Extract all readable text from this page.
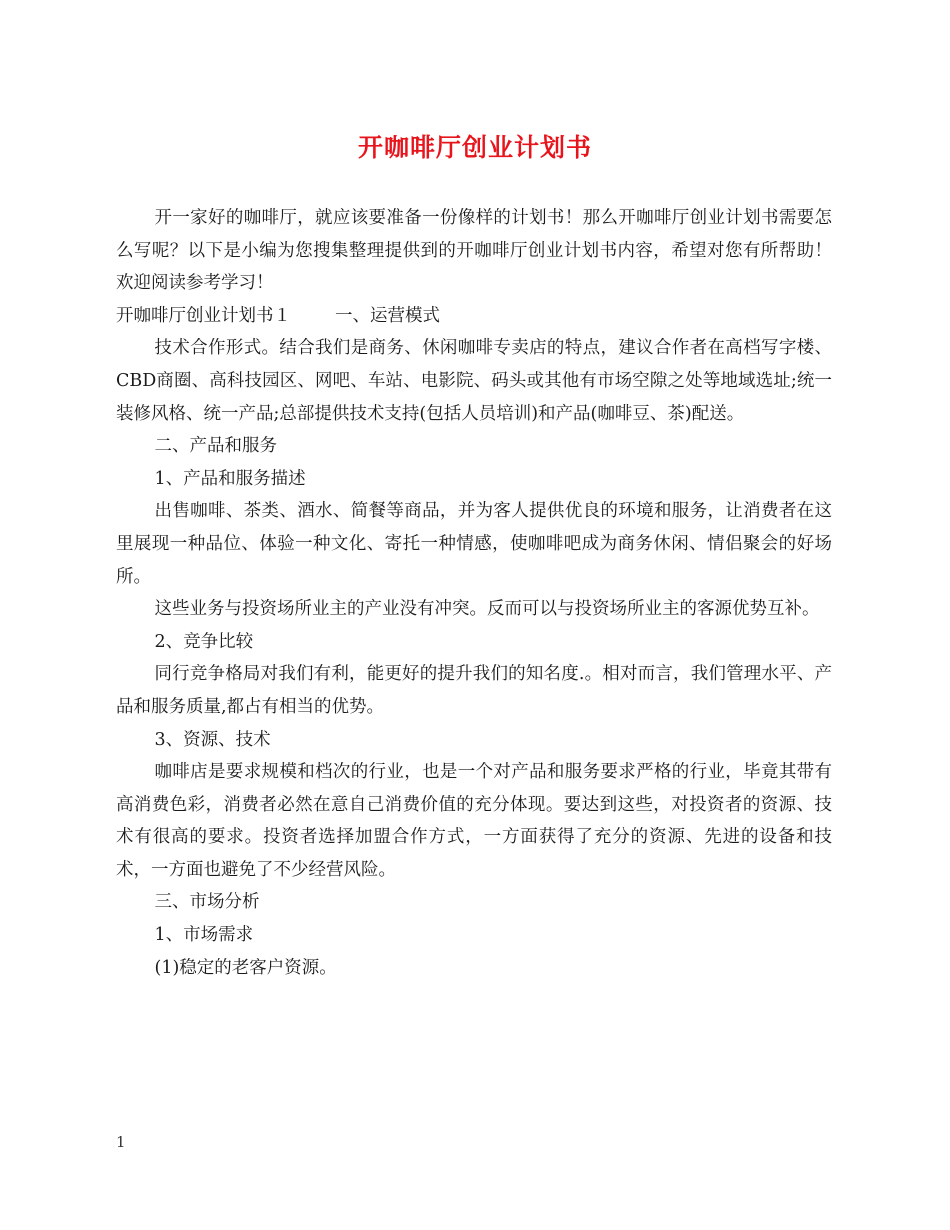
开咖啡厅创业计划书

开一家好的咖啡厅，就应该要准备一份像样的计划书！那么开咖啡厅创业计划书需要怎么写呢？以下是小编为您搜集整理提供到的开咖啡厅创业计划书内容，希望对您有所帮助！欢迎阅读参考学习！

开咖啡厅创业计划书１	一、运营模式

技术合作形式。结合我们是商务、休闲咖啡专卖店的特点，建议合作者在高档写字楼、CBD商圈、高科技园区、网吧、车站、电影院、码头或其他有市场空隙之处等地域选址;统一装修风格、统一产品;总部提供技术支持(包括人员培训)和产品(咖啡豆、茶)配送。

二、产品和服务

1、产品和服务描述

出售咖啡、茶类、酒水、简餐等商品，并为客人提供优良的环境和服务，让消费者在这里展现一种品位、体验一种文化、寄托一种情感，使咖啡吧成为商务休闲、情侣聚会的好场所。

这些业务与投资场所业主的产业没有冲突。反而可以与投资场所业主的客源优势互补。

2、竞争比较

同行竞争格局对我们有利，能更好的提升我们的知名度.。相对而言，我们管理水平、产品和服务质量,都占有相当的优势。

3、资源、技术

咖啡店是要求规模和档次的行业，也是一个对产品和服务要求严格的行业，毕竟其带有高消费色彩，消费者必然在意自己消费价值的充分体现。要达到这些，对投资者的资源、技术有很高的要求。投资者选择加盟合作方式，一方面获得了充分的资源、先进的设备和技术，一方面也避免了不少经营风险。

三、市场分析

1、市场需求

(1)稳定的老客户资源。

1
